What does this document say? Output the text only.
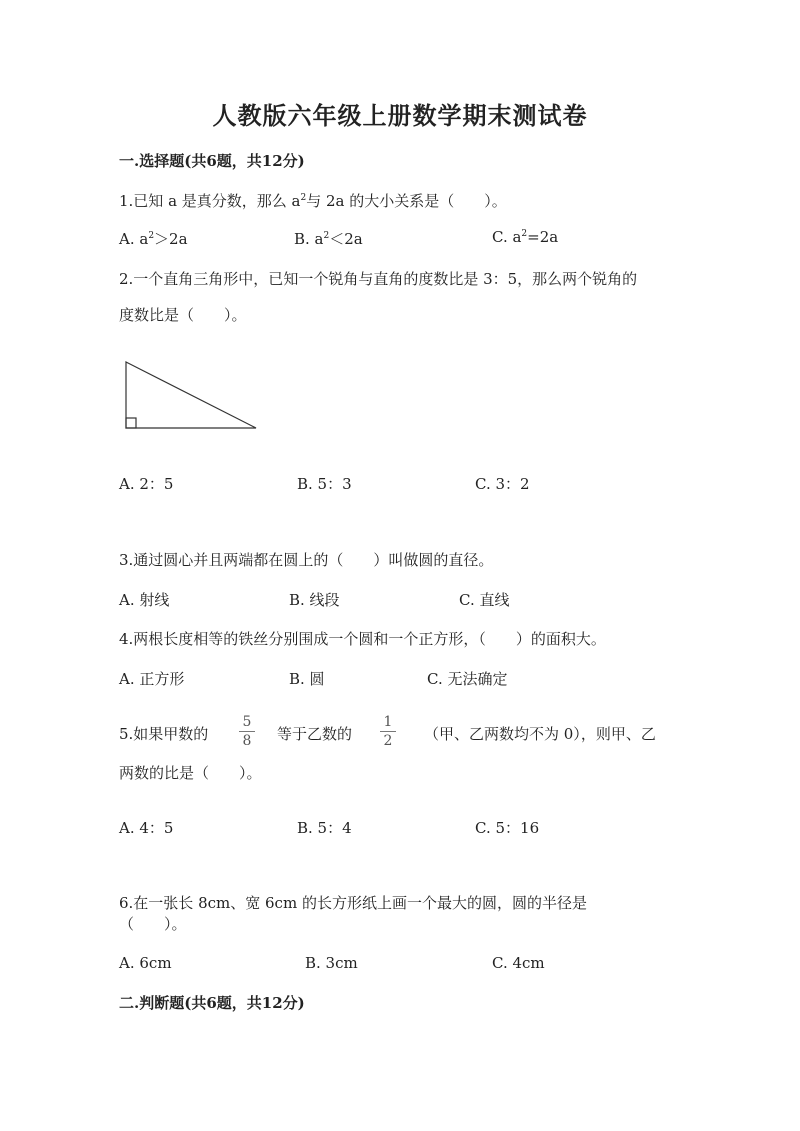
人教版六年级上册数学期末测试卷
一.选择题(共6题，共12分)
1.已知 a 是真分数，那么 $a^2$与 2a 的大小关系是（　　）。
A. $a^2>2a$	B. $a^2<2a$	C. $a^2=2a$
2.一个直角三角形中，已知一个锐角与直角的度数比是 3：5，那么两个锐角的
度数比是（　　）。
A. 2：5	B. 5：3	C. 3：2
3.通过圆心并且两端都在圆上的（　　）叫做圆的直径。
A. 射线	B. 线段	C. 直线
4.两根长度相等的铁丝分别围成一个圆和一个正方形，（　　）的面积大。
A. 正方形	B. 圆	C. 无法确定
5.如果甲数的
5
8 等于乙数的
1
2 （甲、乙两数均不为 0），则甲、乙
两数的比是（　　）。
A. 4：5	B. 5：4	C. 5：16
6.在一张长 8cm、宽 6cm 的长方形纸上画一个最大的圆，圆的半径是
（　　）。
A. 6cm	B. 3cm	C. 4cm
二.判断题(共6题，共12分)
